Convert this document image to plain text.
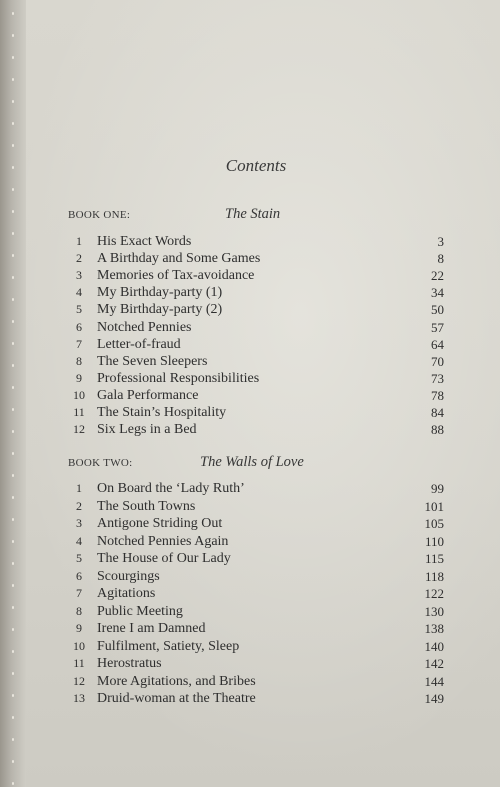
Contents
BOOK ONE:	The Stain
1	His Exact Words	3
2	A Birthday and Some Games	8
3	Memories of Tax-avoidance	22
4	My Birthday-party (1)	34
5	My Birthday-party (2)	50
6	Notched Pennies	57
7	Letter-of-fraud	64
8	The Seven Sleepers	70
9	Professional Responsibilities	73
10 Gala Performance	78
11 The Stain’s Hospitality	84
12 Six Legs in a Bed	88
BOOK TWO:	The Walls of Love
1	On Board the ‘Lady Ruth’	99
2	The South Towns	101
3	Antigone Striding Out	105
4	Notched Pennies Again	110
5	The House of Our Lady	115
6	Scourgings	118
7	Agitations	122
8	Public Meeting	130
9	Irene I am Damned	138
10 Fulfilment, Satiety, Sleep	140
11 Herostratus	142
12 More Agitations, and Bribes	144
13 Druid-woman at the Theatre	149
